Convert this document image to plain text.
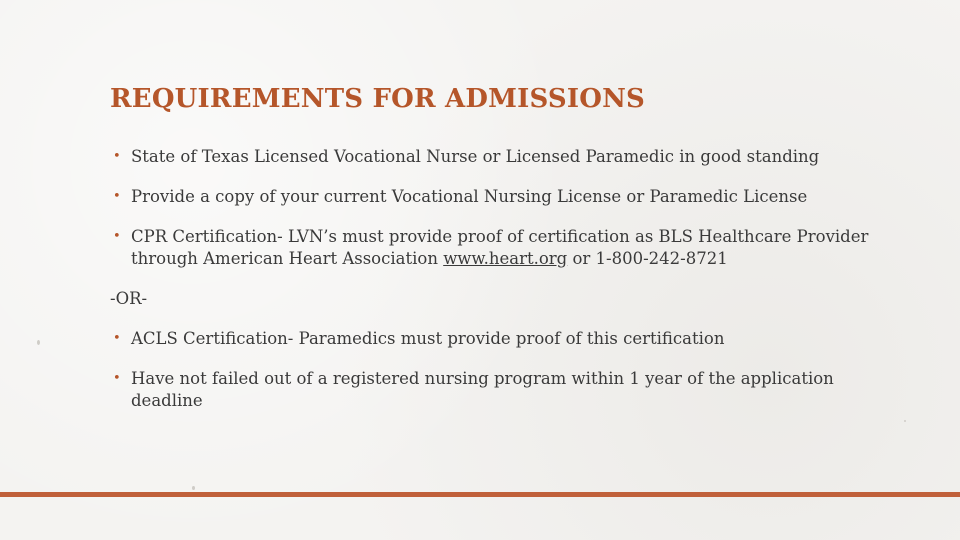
REQUIREMENTS FOR ADMISSIONS
• State of Texas Licensed Vocational Nurse or Licensed Paramedic in good standing
• Provide a copy of your current Vocational Nursing License or Paramedic License
• CPR Certification- LVN’s must provide proof of certification as BLS Healthcare Provider through American Heart Association www.heart.org or 1-800-242-8721
-OR-
• ACLS Certification- Paramedics must provide proof of this certification
• Have not failed out of a registered nursing program within 1 year of the application deadline
